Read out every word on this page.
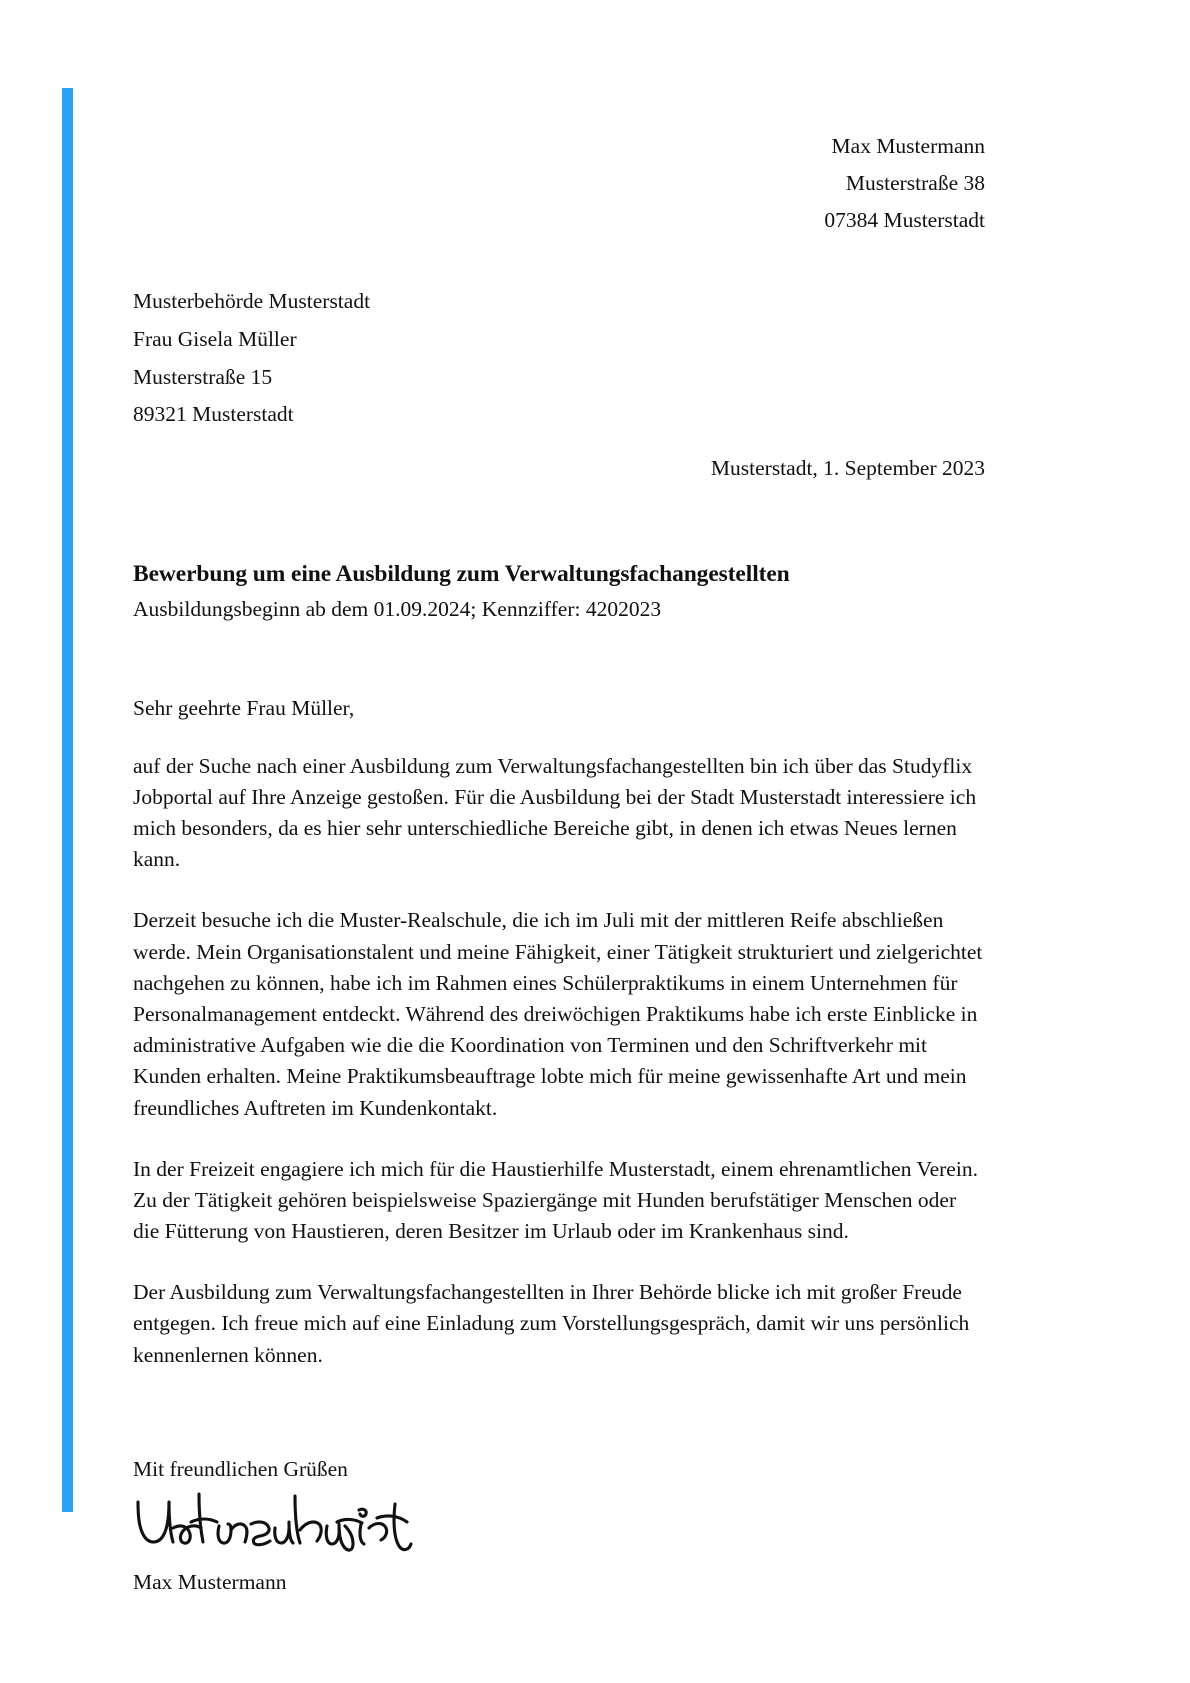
Max Mustermann
Musterstraße 38
07384 Musterstadt
Musterbehörde Musterstadt
Frau Gisela Müller
Musterstraße 15
89321 Musterstadt
Musterstadt, 1. September 2023
Bewerbung um eine Ausbildung zum Verwaltungsfachangestellten
Ausbildungsbeginn ab dem 01.09.2024; Kennziffer: 4202023
Sehr geehrte Frau Müller,

auf der Suche nach einer Ausbildung zum Verwaltungsfachangestellten bin ich über das Studyflix Jobportal auf Ihre Anzeige gestoßen. Für die Ausbildung bei der Stadt Musterstadt interessiere ich mich besonders, da es hier sehr unterschiedliche Bereiche gibt, in denen ich etwas Neues lernen kann.

Derzeit besuche ich die Muster-Realschule, die ich im Juli mit der mittleren Reife abschließen werde. Mein Organisationstalent und meine Fähigkeit, einer Tätigkeit strukturiert und zielgerichtet nachgehen zu können, habe ich im Rahmen eines Schülerpraktikums in einem Unternehmen für Personalmanagement entdeckt. Während des dreiwöchigen Praktikums habe ich erste Einblicke in administrative Aufgaben wie die die Koordination von Terminen und den Schriftverkehr mit Kunden erhalten. Meine Praktikumsbeauftrage lobte mich für meine gewissenhafte Art und mein freundliches Auftreten im Kundenkontakt.

In der Freizeit engagiere ich mich für die Haustierhilfe Musterstadt, einem ehrenamtlichen Verein. Zu der Tätigkeit gehören beispielsweise Spaziergänge mit Hunden berufstätiger Menschen oder die Fütterung von Haustieren, deren Besitzer im Urlaub oder im Krankenhaus sind.

Der Ausbildung zum Verwaltungsfachangestellten in Ihrer Behörde blicke ich mit großer Freude entgegen. Ich freue mich auf eine Einladung zum Vorstellungsgespräch, damit wir uns persönlich kennenlernen können.

Mit freundlichen Grüßen
Max Mustermann
